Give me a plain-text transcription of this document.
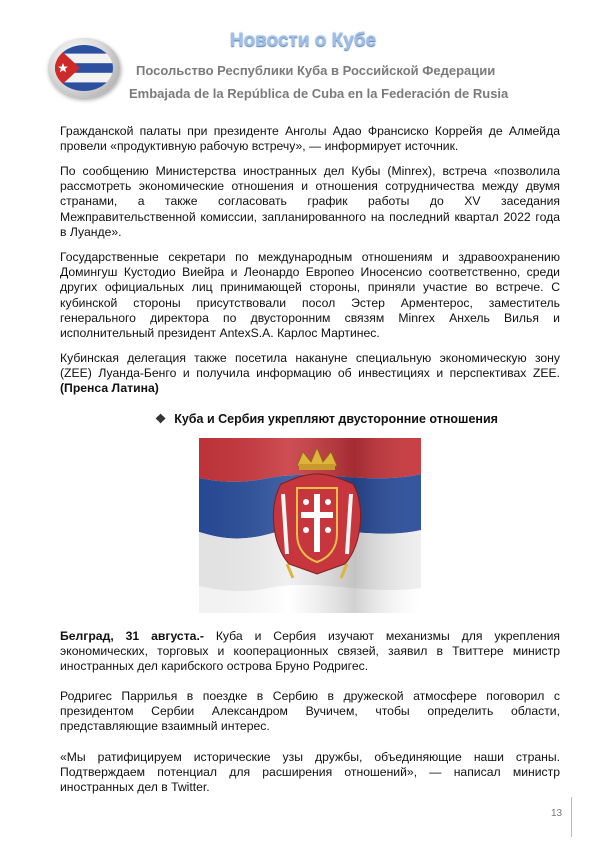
Новости о Кубе
Посольство Республики Куба в Российской Федерации
Embajada de la República de Cuba en la Federación de Rusia

Гражданской палаты при президенте Анголы Адао Франсиско Коррейя де Алмейда провели «продуктивную рабочую встречу», — информирует источник.

По сообщению Министерства иностранных дел Кубы (Minrex), встреча «позволила рассмотреть экономические отношения и отношения сотрудничества между двумя странами, а также согласовать график работы до XV заседания Межправительственной комиссии, запланированного на последний квартал 2022 года в Луанде».

Государственные секретари по международным отношениям и здравоохранению Домингуш Кустодио Виейра и Леонардо Европео Иносенсио соответственно, среди других официальных лиц принимающей стороны, приняли участие во встрече. С кубинской стороны присутствовали посол Эстер Арментерос, заместитель генерального директора по двусторонним связям Minrex Анхель Вилья и исполнительный президент AntexS.A. Карлос Мартинес.

Кубинская делегация также посетила накануне специальную экономическую зону (ZEE) Луанда-Бенго и получила информацию об инвестициях и перспективах ZEE. (Пренса Латина)

❖ Куба и Сербия укрепляют двусторонние отношения

Белград, 31 августа.- Куба и Сербия изучают механизмы для укрепления экономических, торговых и кооперационных связей, заявил в Твиттере министр иностранных дел карибского острова Бруно Родригес.

Родригес Паррилья в поездке в Сербию в дружеской атмосфере поговорил с президентом Сербии Александром Вучичем, чтобы определить области, представляющие взаимный интерес.

«Мы ратифицируем исторические узы дружбы, объединяющие наши страны. Подтверждаем потенциал для расширения отношений», — написал министр иностранных дел в Twitter.

13
